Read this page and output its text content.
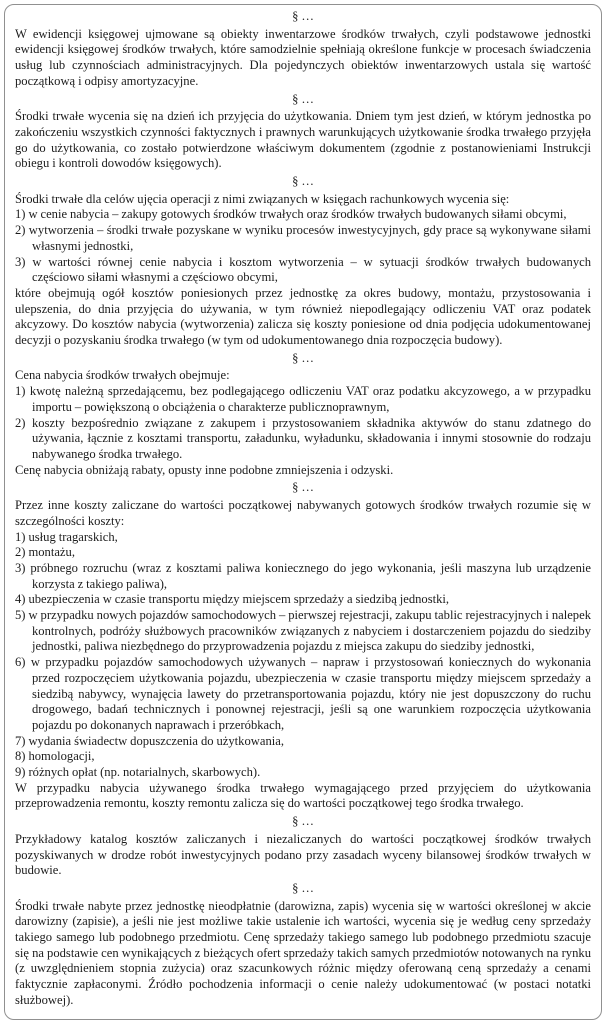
§ …
W ewidencji księgowej ujmowane są obiekty inwentarzowe środków trwałych, czyli podstawowe jednostki ewidencji księgowej środków trwałych, które samodzielnie spełniają określone funkcje w procesach świadczenia usług lub czynnościach administracyjnych. Dla pojedynczych obiektów inwentarzowych ustala się wartość początkową i odpisy amortyzacyjne.
§ …
Środki trwałe wycenia się na dzień ich przyjęcia do użytkowania. Dniem tym jest dzień, w którym jednostka po zakończeniu wszystkich czynności faktycznych i prawnych warunkujących użytkowanie środka trwałego przyjęła go do użytkowania, co zostało potwierdzone właściwym dokumentem (zgodnie z postanowieniami Instrukcji obiegu i kontroli dowodów księgowych).
§ …
Środki trwałe dla celów ujęcia operacji z nimi związanych w księgach rachunkowych wycenia się:
1) w cenie nabycia – zakupy gotowych środków trwałych oraz środków trwałych budowanych siłami obcymi,
2) wytworzenia – środki trwałe pozyskane w wyniku procesów inwestycyjnych, gdy prace są wykonywane siłami własnymi jednostki,
3) w wartości równej cenie nabycia i kosztom wytworzenia – w sytuacji środków trwałych budowanych częściowo siłami własnymi a częściowo obcymi,
które obejmują ogół kosztów poniesionych przez jednostkę za okres budowy, montażu, przystosowania i ulepszenia, do dnia przyjęcia do używania, w tym również niepodlegający odliczeniu VAT oraz podatek akcyzowy. Do kosztów nabycia (wytworzenia) zalicza się koszty poniesione od dnia podjęcia udokumentowanej decyzji o pozyskaniu środka trwałego (w tym od udokumentowanego dnia rozpoczęcia budowy).
§ …
Cena nabycia środków trwałych obejmuje:
1) kwotę należną sprzedającemu, bez podlegającego odliczeniu VAT oraz podatku akcyzowego, a w przypadku importu – powiększoną o obciążenia o charakterze publicznoprawnym,
2) koszty bezpośrednio związane z zakupem i przystosowaniem składnika aktywów do stanu zdatnego do używania, łącznie z kosztami transportu, załadunku, wyładunku, składowania i innymi stosownie do rodzaju nabywanego środka trwałego.
Cenę nabycia obniżają rabaty, opusty inne podobne zmniejszenia i odzyski.
§ …
Przez inne koszty zaliczane do wartości początkowej nabywanych gotowych środków trwałych rozumie się w szczególności koszty:
1) usług tragarskich,
2) montażu,
3) próbnego rozruchu (wraz z kosztami paliwa koniecznego do jego wykonania, jeśli maszyna lub urządzenie korzysta z takiego paliwa),
4) ubezpieczenia w czasie transportu między miejscem sprzedaży a siedzibą jednostki,
5) w przypadku nowych pojazdów samochodowych – pierwszej rejestracji, zakupu tablic rejestracyjnych i nalepek kontrolnych, podróży służbowych pracowników związanych z nabyciem i dostarczeniem pojazdu do siedziby jednostki, paliwa niezbędnego do przyprowadzenia pojazdu z miejsca zakupu do siedziby jednostki,
6) w przypadku pojazdów samochodowych używanych – napraw i przystosowań koniecznych do wykonania przed rozpoczęciem użytkowania pojazdu, ubezpieczenia w czasie transportu między miejscem sprzedaży a siedzibą nabywcy, wynajęcia lawety do przetransportowania pojazdu, który nie jest dopuszczony do ruchu drogowego, badań technicznych i ponownej rejestracji, jeśli są one warunkiem rozpoczęcia użytkowania pojazdu po dokonanych naprawach i przeróbkach,
7) wydania świadectw dopuszczenia do użytkowania,
8) homologacji,
9) różnych opłat (np. notarialnych, skarbowych).
W przypadku nabycia używanego środka trwałego wymagającego przed przyjęciem do użytkowania przeprowadzenia remontu, koszty remontu zalicza się do wartości początkowej tego środka trwałego.
§ …
Przykładowy katalog kosztów zaliczanych i niezaliczanych do wartości początkowej środków trwałych pozyskiwanych w drodze robót inwestycyjnych podano przy zasadach wyceny bilansowej środków trwałych w budowie.
§ …
Środki trwałe nabyte przez jednostkę nieodpłatnie (darowizna, zapis) wycenia się w wartości określonej w akcie darowizny (zapisie), a jeśli nie jest możliwe takie ustalenie ich wartości, wycenia się je według ceny sprzedaży takiego samego lub podobnego przedmiotu. Cenę sprzedaży takiego samego lub podobnego przedmiotu szacuje się na podstawie cen wynikających z bieżących ofert sprzedaży takich samych przedmiotów notowanych na rynku (z uwzględnieniem stopnia zużycia) oraz szacunkowych różnic między oferowaną ceną sprzedaży a cenami faktycznie zapłaconymi. Źródło pochodzenia informacji o cenie należy udokumentować (w postaci notatki służbowej).
